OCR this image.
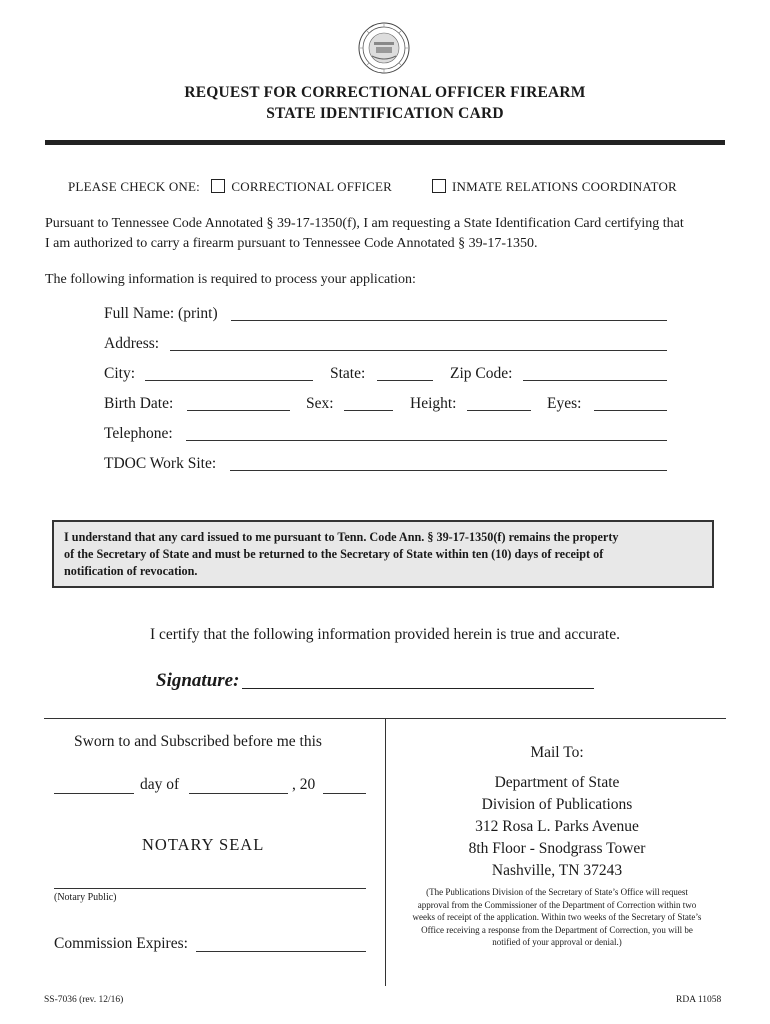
REQUEST FOR CORRECTIONAL OFFICER FIREARM
STATE IDENTIFICATION CARD
PLEASE CHECK ONE: CORRECTIONAL OFFICER	INMATE RELATIONS COORDINATOR
Pursuant to Tennessee Code Annotated § 39-17-1350(f), I am requesting a State Identification Card certifying that
I am authorized to carry a firearm pursuant to Tennessee Code Annotated § 39-17-1350.
The following information is required to process your application:
Full Name: (print)
Address:
City:	State:	Zip Code:
Birth Date:	Sex:	Height:	Eyes:
Telephone:
TDOC Work Site:
I understand that any card issued to me pursuant to Tenn. Code Ann. § 39-17-1350(f) remains the property
of the Secretary of State and must be returned to the Secretary of State within ten (10) days of receipt of
notification of revocation.
I certify that the following information provided herein is true and accurate.
Signature:
Sworn to and Subscribed before me this
day of	, 20
NOTARY SEAL
(Notary Public)
Commission Expires:
Mail To:
Department of State
Division of Publications
312 Rosa L. Parks Avenue
8th Floor - Snodgrass Tower
Nashville, TN 37243
(The Publications Division of the Secretary of State’s Office will request
approval from the Commissioner of the Department of Correction within two
weeks of receipt of the application. Within two weeks of the Secretary of State’s
Office receiving a response from the Department of Correction, you will be
notified of your approval or denial.)
SS-7036 (rev. 12/16)	RDA 11058
